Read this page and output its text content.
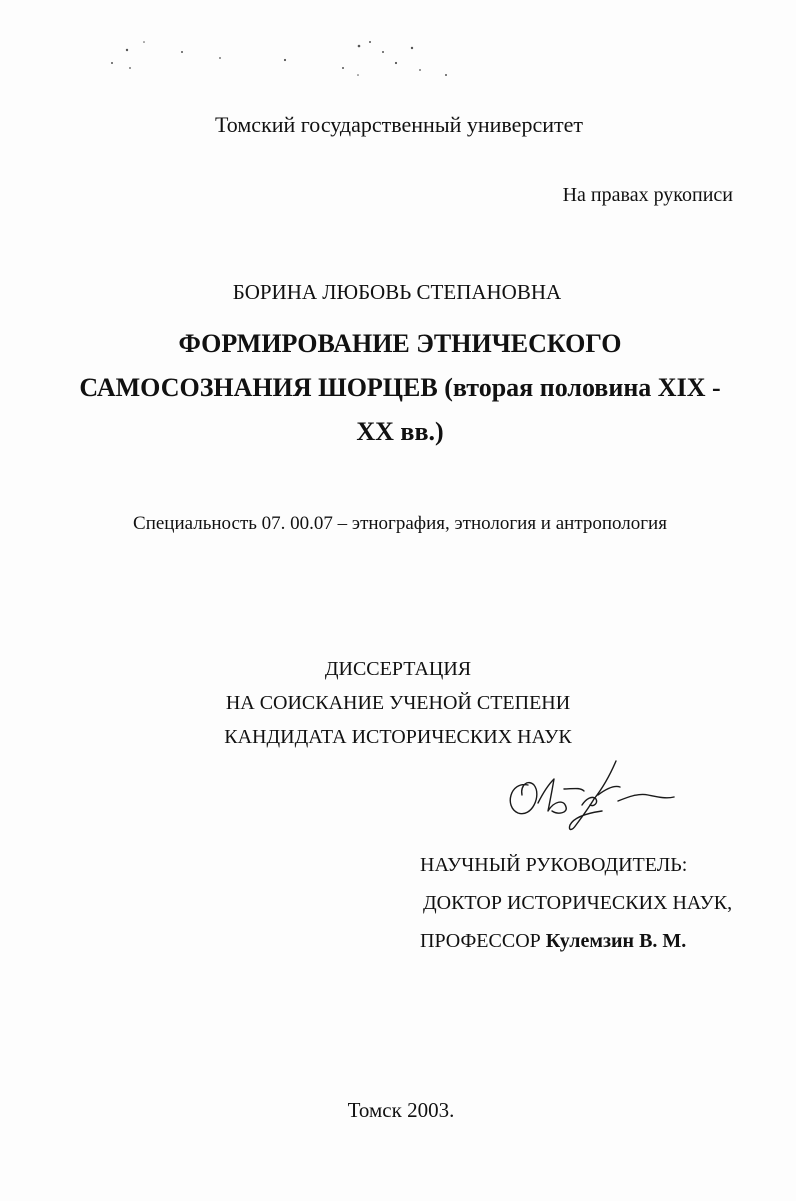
Томский государственный университет
На правах рукописи
БОРИНА ЛЮБОВЬ СТЕПАНОВНА
ФОРМИРОВАНИЕ ЭТНИЧЕСКОГО
САМОСОЗНАНИЯ ШОРЦЕВ (вторая половина XIX -
XX вв.)
Специальность 07. 00.07 – этнография, этнология и антропология
ДИССЕРТАЦИЯ
НА СОИСКАНИЕ УЧЕНОЙ СТЕПЕНИ
КАНДИДАТА ИСТОРИЧЕСКИХ НАУК
НАУЧНЫЙ РУКОВОДИТЕЛЬ:
ДОКТОР ИСТОРИЧЕСКИХ НАУК,
ПРОФЕССОР Кулемзин В. М.
Томск 2003.
